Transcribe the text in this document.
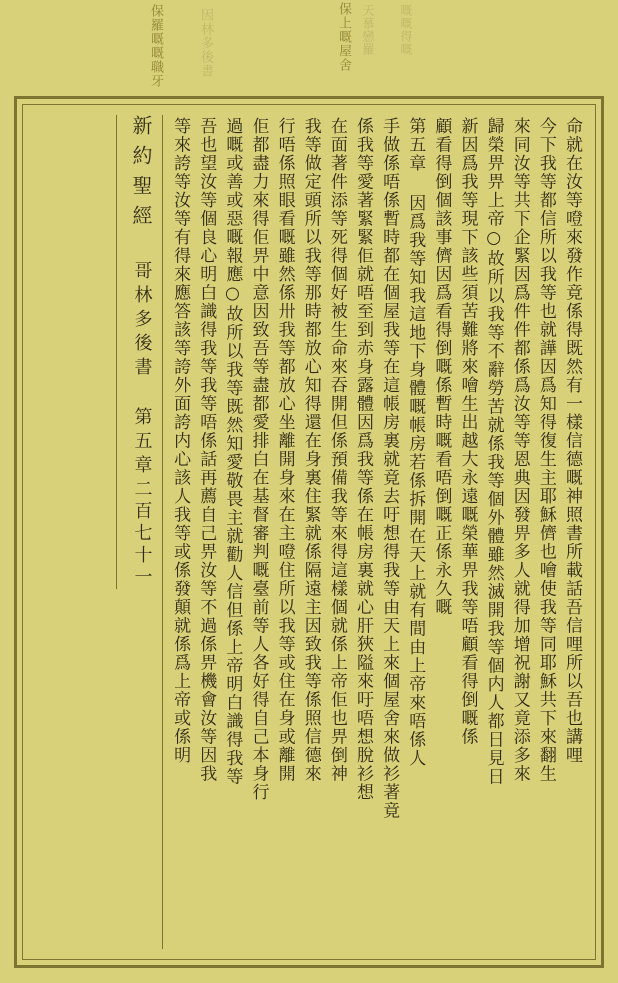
保羅嘅嘅職牙	因林多後書	保上嘅屋舍	嘅嘅得嘅
天慕戀羅
命就在汝等噔來發作竟係得既然有一樣信德嘅神照書所載話吾信哩所以吾也講哩
今下我等都信所以我等也就譁因爲知得復生主耶穌儕也噲使我等同耶穌共下來翻生
來同汝等共下企緊因爲件件都係爲汝等等恩典因發畀多人就得加增祝謝又竟添多來
歸榮畀畀上帝○故所以我等不辭勞苦就係我等個外體雖然滅開我等個内人都日見日
新因爲我等現下該些須苦難將來噲生出越大永遠嘅榮華畀我等唔顧看得倒嘅係
顧看得倒個該事儕因爲看得倒嘅係暫時嘅看唔倒嘅正係永久嘅
第五章 因爲我等知我這地下身體嘅帳房若係拆開在天上就有間由上帝來唔係人
手做係唔係暫時都在個屋我等在這帳房裏就竟去吁想得我等由天上來個屋舍來做衫著竟
係我等愛著緊緊佢就唔至到赤身露體因爲我等係在帳房裏就心肝狹隘來吁唔想脫衫想
在面著件添等死得個好被生命來吞開但係預備我等來得這樣個就係上帝佢也畀倒神
我等做定頭所以我等那時都放心知得還在身裏住緊就係隔遠主因致我等係照信德來
行唔係照眼看嘅雖然係卅我等都放心坐離開身來在主噔住所以我等或住在身或離開
佢都盡力來得佢畀中意因致吾等盡都愛排白在基督審判嘅臺前等人各好得自己本身行
過嘅或善或惡嘅報應○故所以我等既然知愛敬畏主就勸人信但係上帝明白識得我等
吾也望汝等個良心明白識得我等我等唔係話再薦自己畀汝等不過係畀機會汝等因我
等來誇等汝等有得來應答該等誇外面誇内心該人我等或係發顛就係爲上帝或係明
新約聖經
哥林多後書
第五章
二百七十一
